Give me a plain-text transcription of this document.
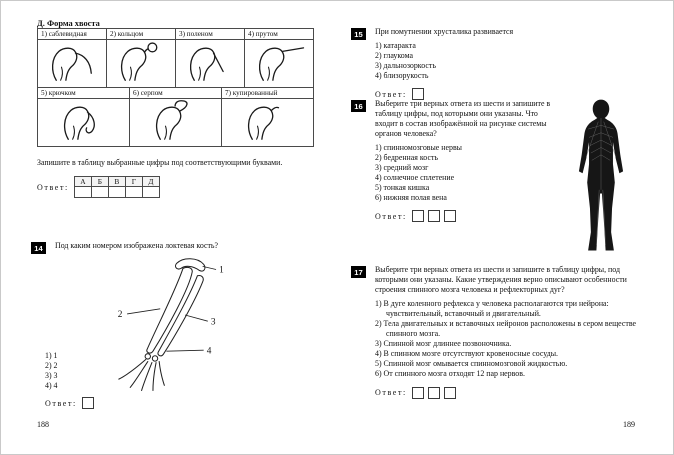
Д. Форма хвоста
1) саблевидная	2) кольцом	3) поленом	4) прутом

5) крючком	6) серпом	7) купированный

Запишите в таблицу выбранные цифры под соответствующими буквами.

Ответ:
А	Б	В	Г	Д

14	Под каким номером изображена локтевая кость?
1
2
3
4
1) 1
2) 2
3) 3
4) 4
Ответ:
15	При помутнении хрусталика развивается
1) катаракта
2) глаукома
3) дальнозоркость
4) близорукость
Ответ:
16	Выберите три верных ответа из шести и запишите в таблицу цифры, под которыми они указаны. Что входит в состав изображённой на рисунке системы органов человека?
1) спинномозговые нервы
2) бедренная кость
3) средний мозг
4) солнечное сплетение
5) тонкая кишка
6) нижняя полая вена
Ответ:
17	Выберите три верных ответа из шести и запишите в таблицу цифры, под которыми они указаны. Какие утверждения верно описывают особенности строения спинного мозга человека и рефлекторных дуг?
1) В дуге коленного рефлекса у человека располагаются три нейрона: чувствительный, вставочный и двигательный.
2) Тела двигательных и вставочных нейронов расположены в сером веществе спинного мозга.
3) Спинной мозг длиннее позвоночника.
4) В спинном мозге отсутствуют кровеносные сосуды.
5) Спинной мозг омывается спинномозговой жидкостью.
6) От спинного мозга отходят 12 пар нервов.
Ответ:
188	189
